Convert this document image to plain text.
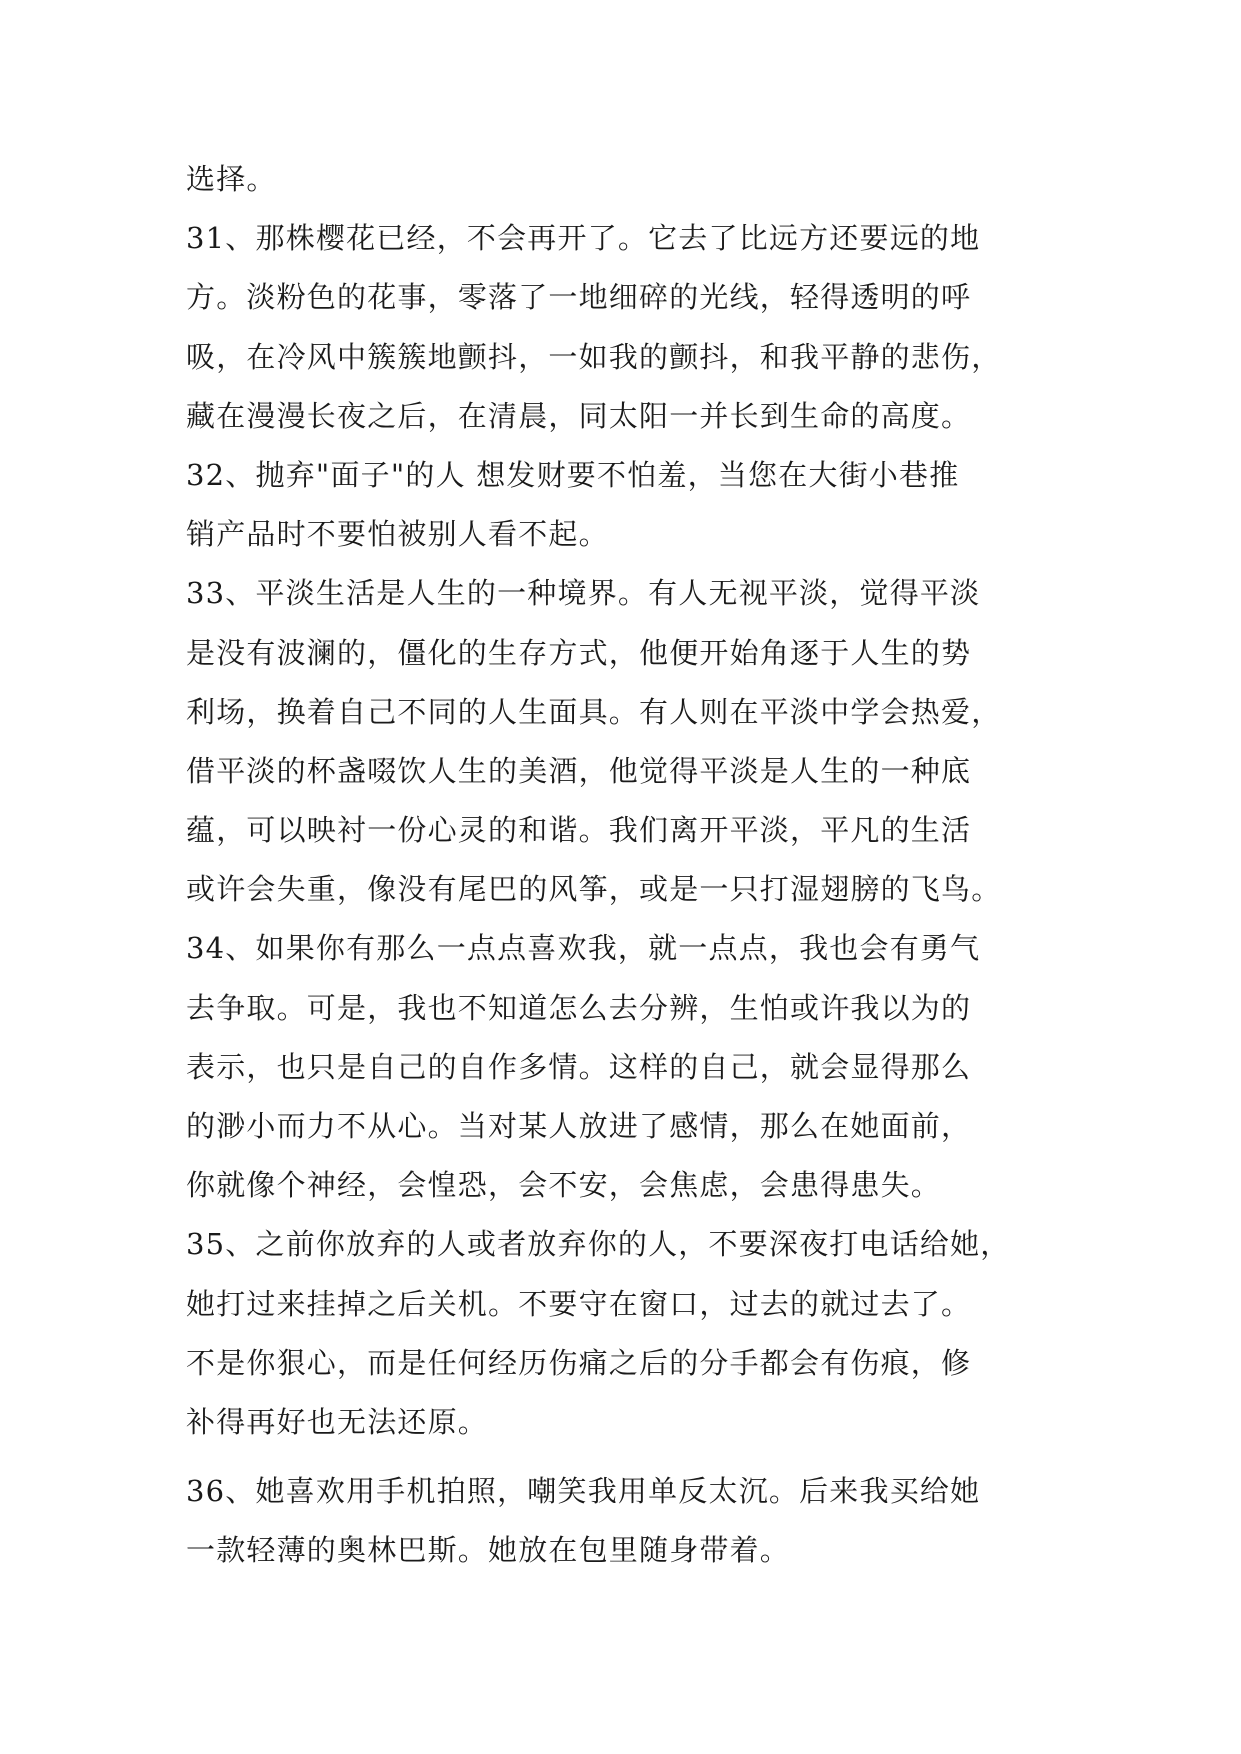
选择。
31、那株樱花已经，不会再开了。它去了比远方还要远的地
方。淡粉色的花事，零落了一地细碎的光线，轻得透明的呼
吸，在冷风中簇簇地颤抖，一如我的颤抖，和我平静的悲伤，
藏在漫漫长夜之后，在清晨，同太阳一并长到生命的高度。
32、抛弃"面子"的人 想发财要不怕羞，当您在大街小巷推
销产品时不要怕被别人看不起。
33、平淡生活是人生的一种境界。有人无视平淡，觉得平淡
是没有波澜的，僵化的生存方式，他便开始角逐于人生的势
利场，换着自己不同的人生面具。有人则在平淡中学会热爱，
借平淡的杯盏啜饮人生的美酒，他觉得平淡是人生的一种底
蕴，可以映衬一份心灵的和谐。我们离开平淡，平凡的生活
或许会失重，像没有尾巴的风筝，或是一只打湿翅膀的飞鸟。
34、如果你有那么一点点喜欢我，就一点点，我也会有勇气
去争取。可是，我也不知道怎么去分辨，生怕或许我以为的
表示，也只是自己的自作多情。这样的自己，就会显得那么
的渺小而力不从心。当对某人放进了感情，那么在她面前，
你就像个神经，会惶恐，会不安，会焦虑，会患得患失。
35、之前你放弃的人或者放弃你的人，不要深夜打电话给她，
她打过来挂掉之后关机。不要守在窗口，过去的就过去了。
不是你狠心，而是任何经历伤痛之后的分手都会有伤痕，修
补得再好也无法还原。
36、她喜欢用手机拍照，嘲笑我用单反太沉。后来我买给她
一款轻薄的奥林巴斯。她放在包里随身带着。
